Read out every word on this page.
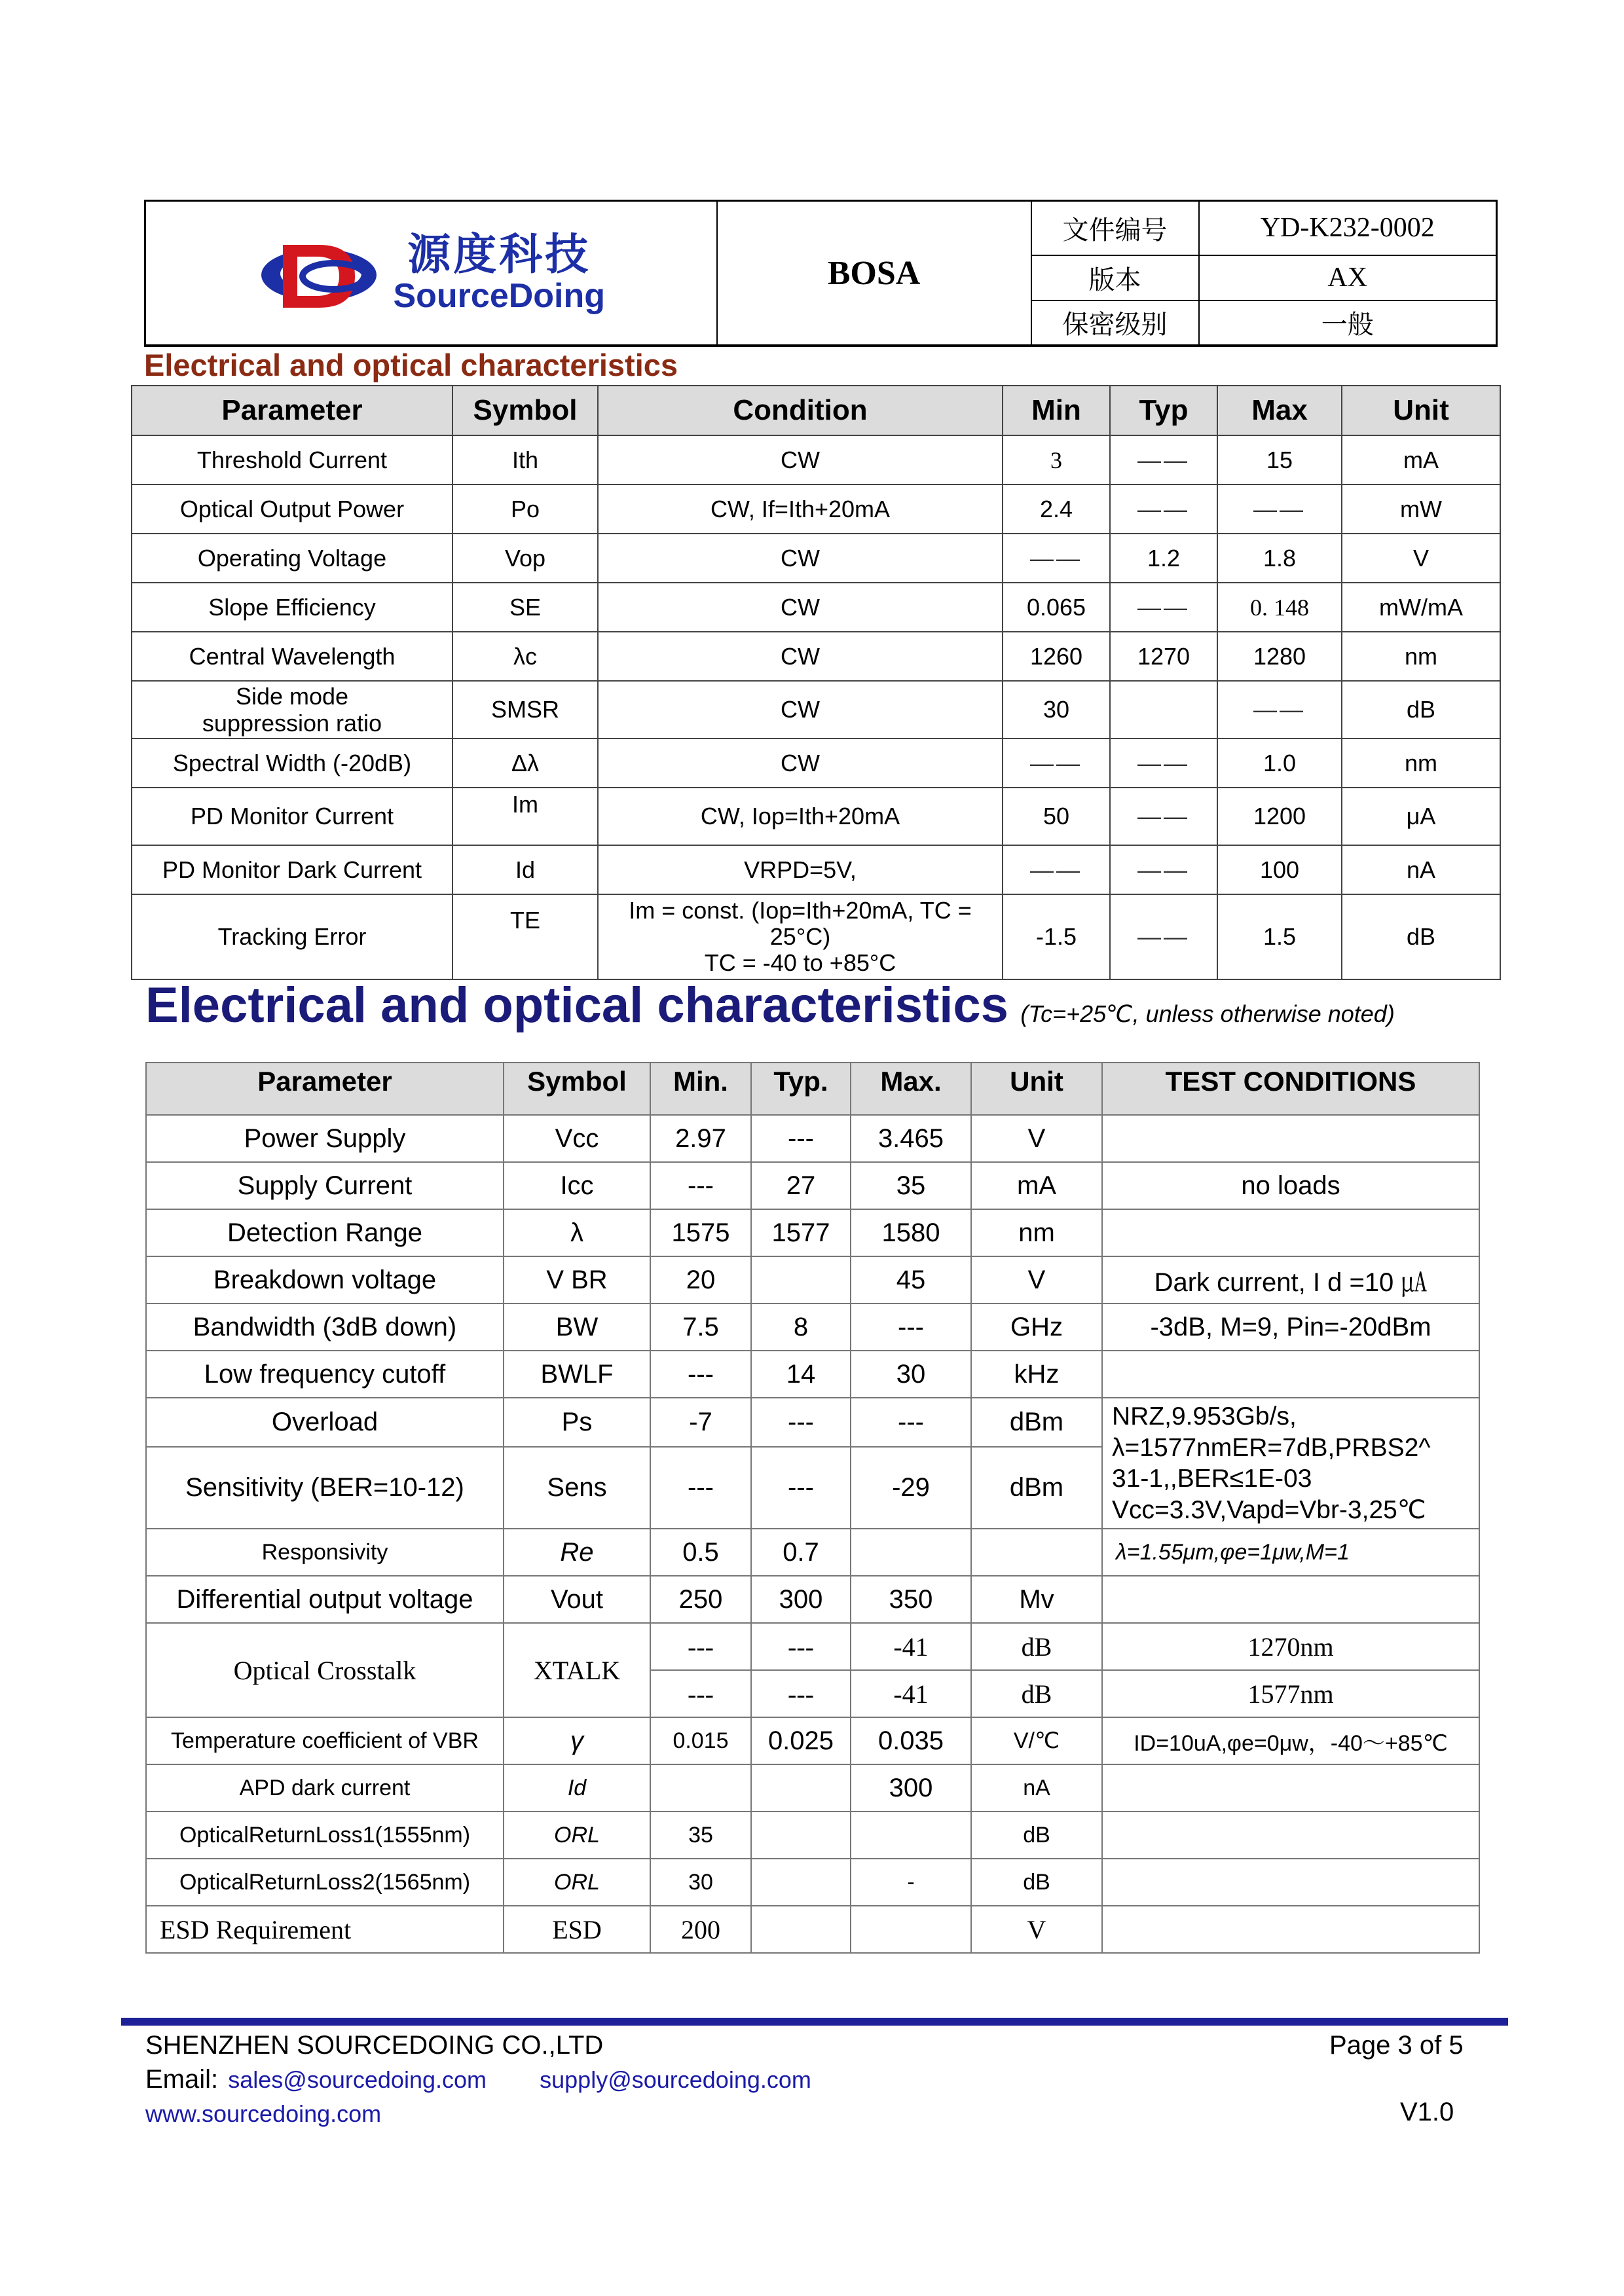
源度科技
SourceDoing	BOSA	文件编号	YD-K232-0002
		版本	AX
		保密级别	一般
Electrical and optical characteristics
Parameter	Symbol	Condition	Min	Typ	Max	Unit
Threshold Current	Ith	CW	3	——	15	mA
Optical Output Power	Po	CW, If=Ith+20mA	2.4	——	——	mW
Operating Voltage	Vop	CW	——	1.2	1.8	V
Slope Efficiency	SE	CW	0.065	——	0. 148	mW/mA
Central Wavelength	λc	CW	1260	1270	1280	nm
Side mode
suppression ratio	SMSR	CW	30		——	dB
Spectral Width (-20dB)	Δλ	CW	——	——	1.0	nm
PD Monitor Current	Im	CW, Iop=Ith+20mA	50	——	1200	μA
PD Monitor Dark Current	Id	VRPD=5V,	——	——	100	nA
Tracking Error	TE	Im = const. (Iop=Ith+20mA, TC =
25°C)
TC = -40 to +85°C	-1.5	——	1.5	dB
Electrical and optical characteristics (Tc=+25℃, unless otherwise noted)
Parameter	Symbol	Min.	Typ.	Max.	Unit	TEST CONDITIONS
Power Supply	Vcc	2.97	---	3.465	V	
Supply Current	Icc	---	27	35	mA	no loads
Detection Range	λ	1575	1577	1580	nm	
Breakdown voltage	V BR	20		45	V	Dark current, I d =10 ㎂
Bandwidth (3dB down)	BW	7.5	8	---	GHz	-3dB, M=9, Pin=-20dBm
Low frequency cutoff	BWLF	---	14	30	kHz	
Overload	Ps	-7	---	---	dBm	NRZ,9.953Gb/s,
λ=1577nmER=7dB,PRBS2^
31-1,,BER≤1E-03
Vcc=3.3V,Vapd=Vbr-3,25℃
Sensitivity (BER=10-12)	Sens	---	---	-29	dBm	
Responsivity	Re	0.5	0.7			λ=1.55μm,φe=1μw,M=1
Differential output voltage	Vout	250	300	350	Mv	
Optical Crosstalk	XTALK	---	---	-41	dB	1270nm
		---	---	-41	dB	1577nm
Temperature coefficient of VBR	γ	0.015	0.025	0.035	V/℃	ID=10uA,φe=0μw，-40～+85℃
APD dark current	Id			300	nA	
OpticalReturnLoss1(1555nm)	ORL	35			dB	
OpticalReturnLoss2(1565nm)	ORL	30		-	dB	
ESD Requirement	ESD	200			V	
SHENZHEN SOURCEDOING CO.,LTD	Page 3 of 5
Email: sales@sourcedoing.com supply@sourcedoing.com
www.sourcedoing.com	V1.0
